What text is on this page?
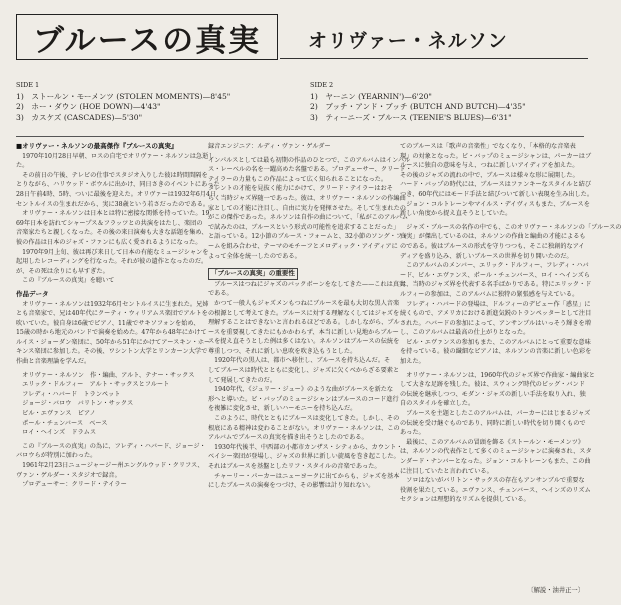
ブルースの真実	オリヴァー・ネルソン
SIDE 1
1)　ストールン・モーメンツ (STOLEN MOMENTS)—8'45"
2)　ホー・ダウン (HOE DOWN)—4'43"
3)　カスケズ (CASCADES)—5'30"
SIDE 2
1)　ヤーニン (YEARNIN')—6'20"
2)　ブッチ・アンド・ブッチ (BUTCH AND BUTCH)—4'35"
3)　ティーニーズ・ブルース (TEENIE'S BLUES)—6'31"

■オリヴァー・ネルソンの最高傑作『ブルースの真実』

　1970年10月28日早朝、ロスの自宅でオリヴァー・ネルソンは急逝し

た。

　その前日の午後、テレビの仕事でスタジオ入りした彼は時間間隔を

とりながら、ハリウッド・ボウルに出かけ、同日さきのイベントにあった

28日午前4時、5時、ついに最後を迎えた。オリヴァーは1932年6月4日

セントルイスの生まれだから、実に38歳という若さだったのである。

　オリヴァー・ネルソンは日本とは特に密接な関係を持っていた。19

69年日本を訪れてシャープス＆フラッツとの共演をはたし、楽団の

音楽家たちと親しくなった。その後の来日演奏も大きな話題を集め、

彼の作品は日本のジャズ・ファンにも広く愛されるようになった。

　1970年9月上旬、彼は再び来日して日本の有能なミュージシャンを

起用したレコーディングを行なった。それが彼の遺作となったのだ。

が、その死は余りにも早すぎた。

　この『ブルースの真実』を聴いて

作品データ

　オリヴァー・ネルソンは1932年6月セントルイスに生まれた。兄姉

とも音楽家で、兄は40年代にクーティ・ウィリアムス楽団でアルトを

吹いていた。彼自身は6歳でピアノ、11歳でサキソフォンを始め、

15歳の時から地元のバンドで演奏を始めた。47年から48年にかけて

ルイス・ジョーダン楽団に、50年から51年にかけてアースキン・ホー

キンス楽団に参加した。その後、ワシントン大学とリンカーン大学で

作曲と音楽理論を学んだ。

　オリヴァー・ネルソン　作・編曲、アルト、テナー・サックス

　エリック・ドルフィー　アルト・サックスとフルート

　フレディ・ハバード　トランペット

　ジョージ・バロウ　バリトン・サックス

　ビル・エヴァンス　ピアノ

　ポール・チェンバース　ベース

　ロイ・ヘインズ　ドラムス

　この『ブルースの真実』の為に、フレディ・ハバード、ジョージ・

バロウらが特別に加わった。

　1961年2月23日ニュージャージー州エングルウッド・クリフス、

ヴァン・ゲルダー・スタジオで録音。

　プロデューサー：クリード・テイラー

録音エンジニア：ルディ・ヴァン・ゲルダー

インパルスとしては最も初期の作品のひとつで、このアルバムはインパル

ス・レーベルの名を一躍高めた名盤である。プロデューサー、クリード・

テイラーの力量もこの作品によって広く知られることになった。

タレントの才能を見抜く能力にかけて、クリード・テイラーはおそ

らく当時ジャズ界随一であった。彼は、オリヴァー・ネルソンの作編曲

家としての才能に注目し、自由に実力を発揮させた。そして生まれたの

がこの傑作であった。ネルソンは自作の曲について、「私がこのアルバム

で試みたのは、ブルースという形式の可能性を追求することだった」

と語っている。12小節のブルース・フォームと、32小節のソング・フォ

ームを組み合わせ、テーマのモチーフとメロディック・アイディアに

よって全体を統一したのである。

「ブルースの真実」の重要性

　ブルースはつねにジャズのバックボーンをなしてきた——これは真実

である。

　かつて一般人もジャズメンもつねにブルースを最も大切な黒人音楽

の根源として考えてきた。ブルースに対する理解なくしてはジャズを

理解することはできないと言われるほどである。しかしながら、ブル

ースを重要視してきたにもかかわらず、本当に新しい見地からブルー

スを捉え直そうとした例は多くはない。ネルソンはブルースの伝統を

尊重しつつ、それに新しい息吹を吹き込もうとした。

　1920年代の黒人は、都市へ移住し、ブルースを持ち込んだ。そ

してブルースは時代とともに変化し、ジャズに欠くべからざる要素と

して発展してきたのだ。

　1940年代、《ジュリー・ジュー》のような曲がブルースを新たな

形へと導いた。ビ・バップのミュージシャンはブルースのコード進行

を複雑に変化させ、新しいハーモニーを持ち込んだ。

　このように、時代とともにブルースは変化してきた。しかし、その

根底にある精神は変わることがない。オリヴァー・ネルソンは、この

アルバムでブルースの真実を描き出そうとしたのである。

　1930年代後半、中西部の小都市カンザス・シティから、カウント・

ベイシー楽団が登場し、ジャズの世界に新しい旋風を巻き起こした。

それはブルースを基盤としたリフ・スタイルの音楽であった。

　チャーリー・パーカーはニューヨークに出てからも、ジャズを基本

にしたブルースの演奏をつづけ、その影響は計り知れない。

てのブルースは「歌声の音楽性」でなくなり、「本格的な音楽表

現」の対象となった。ビ・バップのミュージシャンは、パーカーはブ

ルースに独自の意味を与え、つねに新しいアイディアを加えた。

その後のジャズの流れの中で、ブルースは様々な形に展開した。

ハード・バップの時代には、ブルースはファンキーなスタイルと結び

つき、60年代にはモード手法と結びついて新しい表現を生み出した。

　ジョン・コルトレーンやマイルス・デイヴィスもまた、ブルースを

新しい角度から捉え直そうとしていた。

　ジャズ・ブルースの名作の中でも、このオリヴァー・ネルソンの「ブルースの

真実」が傑出しているのは、ネルソンの作曲と編曲の才能によるも

のである。彼はブルースの形式を守りつつも、そこに独創的なアイ

ディアを盛り込み、新しいブルースの世界を切り開いたのだ。

　このアルバムのメンバー、エリック・ドルフィー、フレディ・ハバ

ード、ビル・エヴァンス、ポール・チェンバース、ロイ・ヘインズら

は、当時のジャズ界を代表する名手ばかりである。特にエリック・ド

ルフィーの参加は、このアルバムに独特の緊張感を与えている。

　フレディ・ハバードの登場は、ドルフィーのデビュー作「惑星」に

続くもので、アメリカにおける新進気鋭のトランペッターとして注目

された。ハバードの参加によって、アンサンブルはいっそう輝きを増

し、このアルバムは最高の仕上がりとなった。

　ビル・エヴァンスの参加もまた、このアルバムにとって重要な意味

を持っている。彼の繊細なピアノは、ネルソンの音楽に新しい色彩を

加えた。

　オリヴァー・ネルソンは、1960年代のジャズ界で作曲家・編曲家と

して大きな足跡を残した。彼は、スウィング時代のビッグ・バンド

の伝統を継承しつつ、モダン・ジャズの新しい手法を取り入れ、独

自のスタイルを確立した。

　ブルースを主題としたこのアルバムは、パーカーにはじまるジャズ

の伝統を受け継ぐものであり、同時に新しい時代を切り開くもので

あった。

　最後に、このアルバムの冒頭を飾る《ストールン・モーメンツ》

は、ネルソンの代表作として多くのミュージシャンに演奏され、スタ

ンダード・ナンバーとなった。ジョン・コルトレーンもまた、この曲

に注目していたと言われている。

　ソロはないがバリトン・サックスの存在もアンサンブルで重要な

役割を果たしている。エヴァンス、チェンバース、ヘインズのリズム

セクションは理想的なリズムを提供している。

〔解説・油井正一〕
